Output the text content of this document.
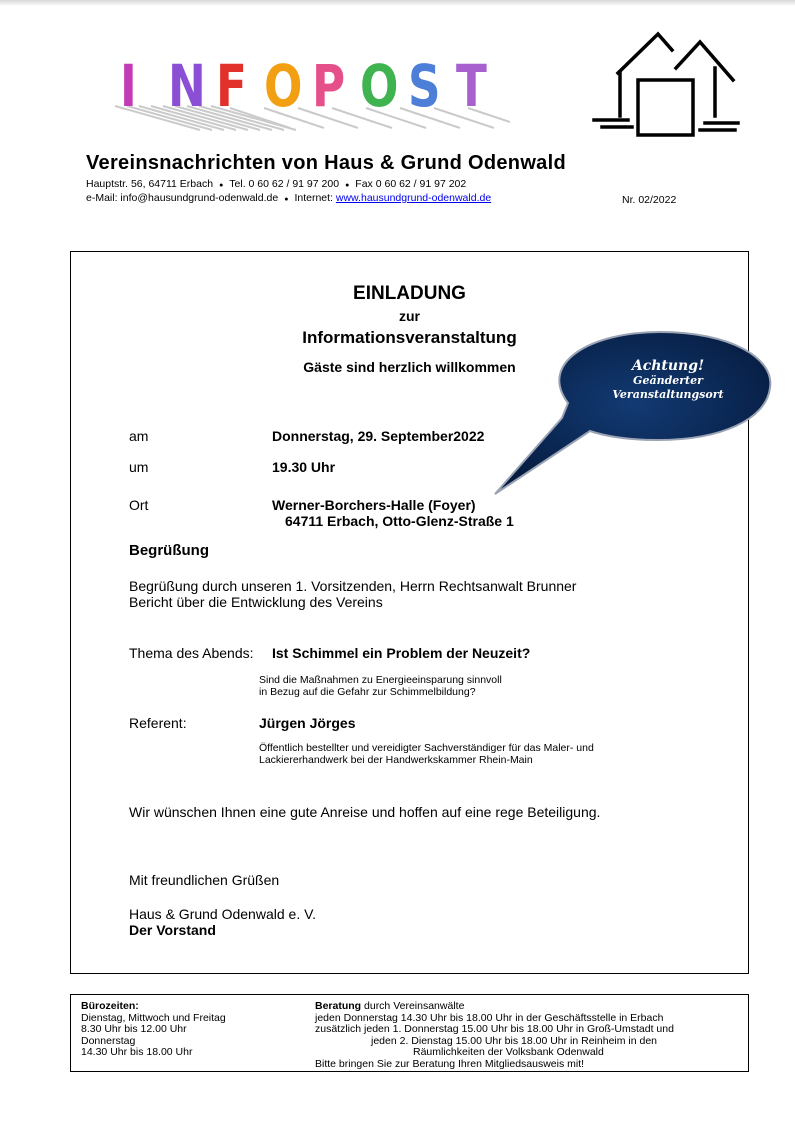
I N F O P O S T
Vereinsnachrichten von Haus & Grund Odenwald
Hauptstr. 56, 64711 Erbach ● Tel. 0 60 62 / 91 97 200 ● Fax 0 60 62 / 91 97 202
e-Mail: info@hausundgrund-odenwald.de ● Internet: www.hausundgrund-odenwald.de	Nr. 02/2022
EINLADUNG
zur
Informationsveranstaltung
Gäste sind herzlich willkommen
am	Donnerstag, 29. September2022
um	19.30 Uhr
Ort	Werner-Borchers-Halle (Foyer)
64711 Erbach, Otto-Glenz-Straße 1
Begrüßung
Begrüßung durch unseren 1. Vorsitzenden, Herrn Rechtsanwalt Brunner
Bericht über die Entwicklung des Vereins
Thema des Abends: Ist Schimmel ein Problem der Neuzeit?
Sind die Maßnahmen zu Energieeinsparung sinnvoll
in Bezug auf die Gefahr zur Schimmelbildung?
Referent:	Jürgen Jörges
Öffentlich bestellter und vereidigter Sachverständiger für das Maler- und
Lackiererhandwerk bei der Handwerkskammer Rhein-Main
Wir wünschen Ihnen eine gute Anreise und hoffen auf eine rege Beteiligung.
Mit freundlichen Grüßen
Haus & Grund Odenwald e. V.
Der Vorstand
Achtung!
Geänderter
Veranstaltungsort
Bürozeiten:
Dienstag, Mittwoch und Freitag
8.30 Uhr bis 12.00 Uhr
Donnerstag
14.30 Uhr bis 18.00 Uhr
Beratung durch Vereinsanwälte
jeden Donnerstag 14.30 Uhr bis 18.00 Uhr in der Geschäftsstelle in Erbach
zusätzlich jeden 1. Donnerstag 15.00 Uhr bis 18.00 Uhr in Groß-Umstadt und
jeden 2. Dienstag 15.00 Uhr bis 18.00 Uhr in Reinheim in den
Räumlichkeiten der Volksbank Odenwald
Bitte bringen Sie zur Beratung Ihren Mitgliedsausweis mit!
